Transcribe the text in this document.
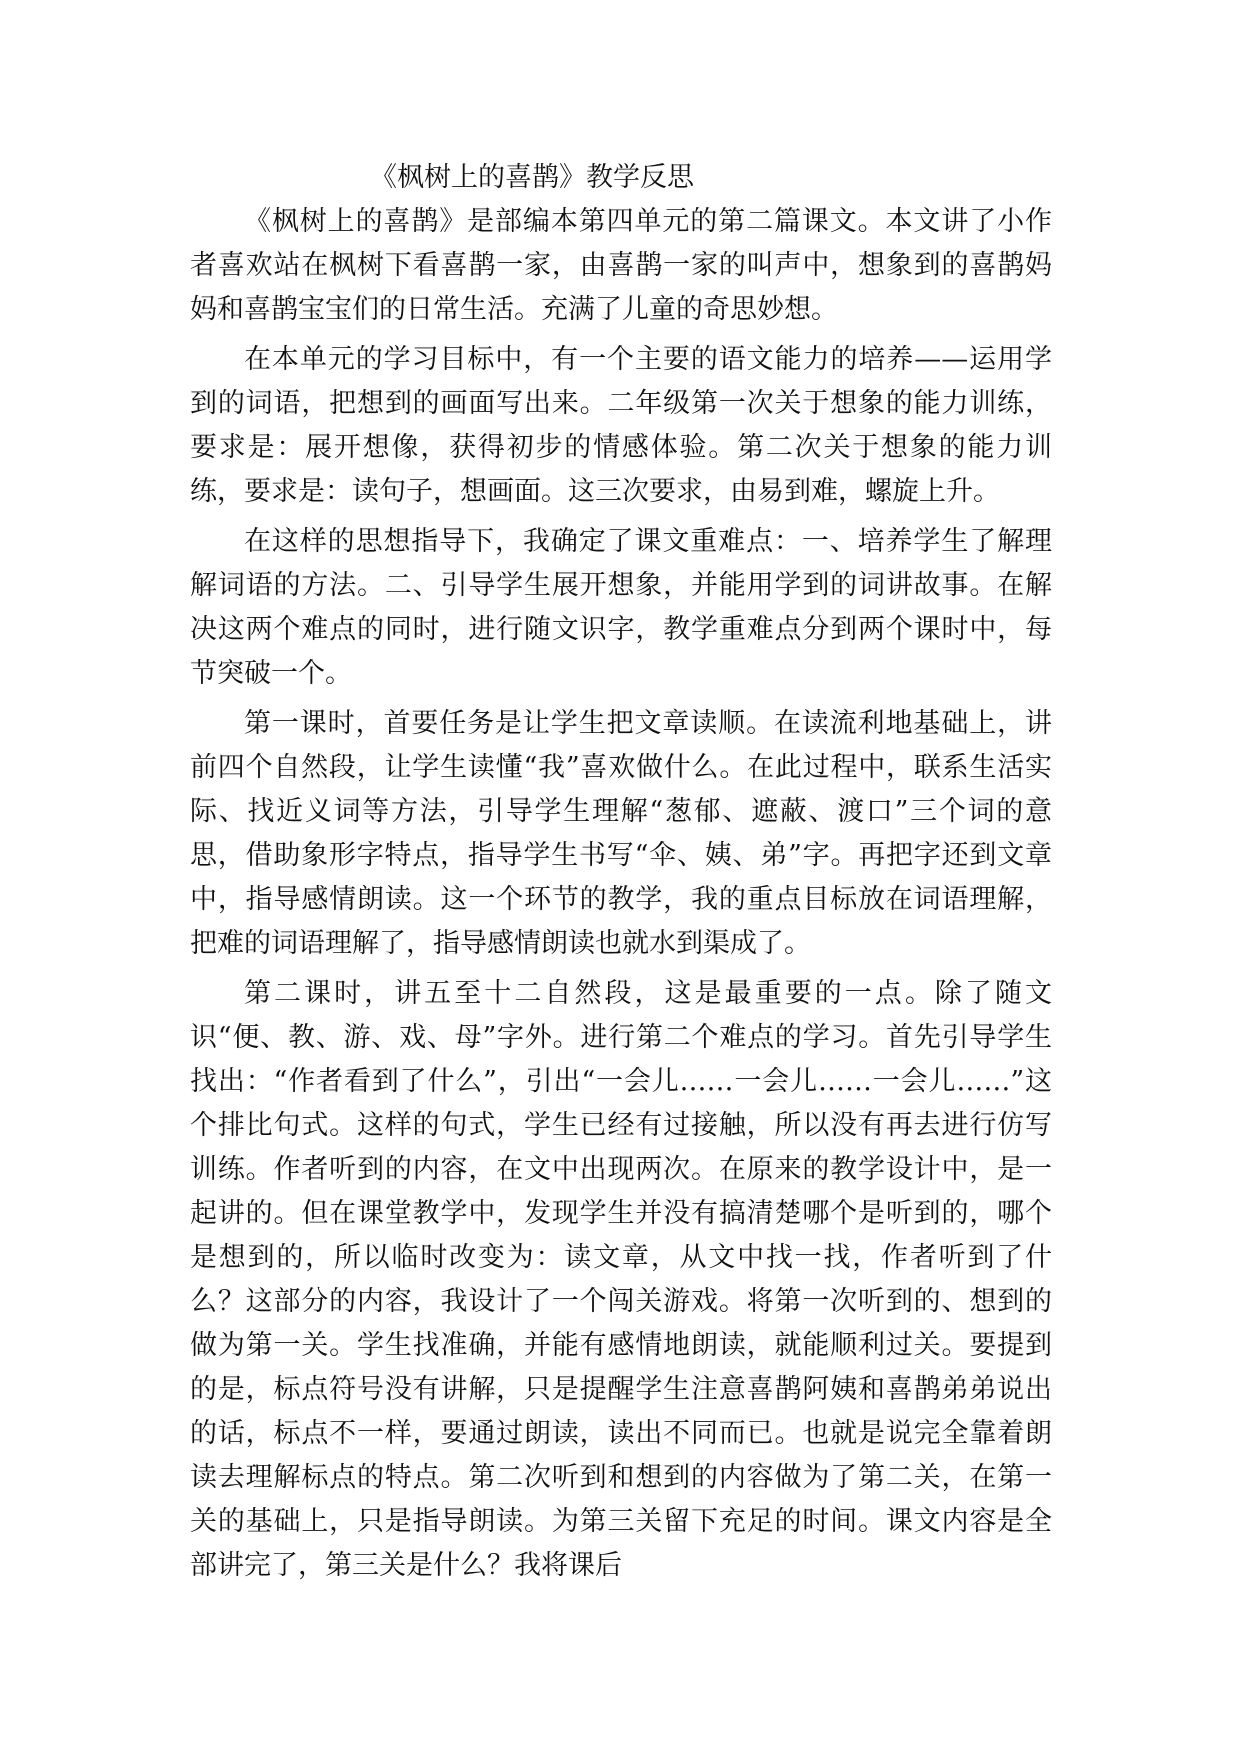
《枫树上的喜鹊》教学反思

《枫树上的喜鹊》是部编本第四单元的第二篇课文。本文讲了小作者喜欢站在枫树下看喜鹊一家，由喜鹊一家的叫声中，想象到的喜鹊妈妈和喜鹊宝宝们的日常生活。充满了儿童的奇思妙想。

在本单元的学习目标中，有一个主要的语文能力的培养——运用学到的词语，把想到的画面写出来。二年级第一次关于想象的能力训练，要求是：展开想像，获得初步的情感体验。第二次关于想象的能力训练，要求是：读句子，想画面。这三次要求，由易到难，螺旋上升。

在这样的思想指导下，我确定了课文重难点：一、培养学生了解理解词语的方法。二、引导学生展开想象，并能用学到的词讲故事。在解决这两个难点的同时，进行随文识字，教学重难点分到两个课时中，每节突破一个。

第一课时，首要任务是让学生把文章读顺。在读流利地基础上，讲前四个自然段，让学生读懂“我”喜欢做什么。在此过程中，联系生活实际、找近义词等方法，引导学生理解“葱郁、遮蔽、渡口”三个词的意思，借助象形字特点，指导学生书写“伞、姨、弟”字。再把字还到文章中，指导感情朗读。这一个环节的教学，我的重点目标放在词语理解，把难的词语理解了，指导感情朗读也就水到渠成了。

第二课时，讲五至十二自然段，这是最重要的一点。除了随文识“便、教、游、戏、母”字外。进行第二个难点的学习。首先引导学生找出：“作者看到了什么”，引出“一会儿……一会儿……一会儿……”这个排比句式。这样的句式，学生已经有过接触，所以没有再去进行仿写训练。作者听到的内容，在文中出现两次。在原来的教学设计中，是一起讲的。但在课堂教学中，发现学生并没有搞清楚哪个是听到的，哪个是想到的，所以临时改变为：读文章，从文中找一找，作者听到了什么？这部分的内容，我设计了一个闯关游戏。将第一次听到的、想到的做为第一关。学生找准确，并能有感情地朗读，就能顺利过关。要提到的是，标点符号没有讲解，只是提醒学生注意喜鹊阿姨和喜鹊弟弟说出的话，标点不一样，要通过朗读，读出不同而已。也就是说完全靠着朗读去理解标点的特点。第二次听到和想到的内容做为了第二关，在第一关的基础上，只是指导朗读。为第三关留下充足的时间。课文内容是全部讲完了，第三关是什么？我将课后
